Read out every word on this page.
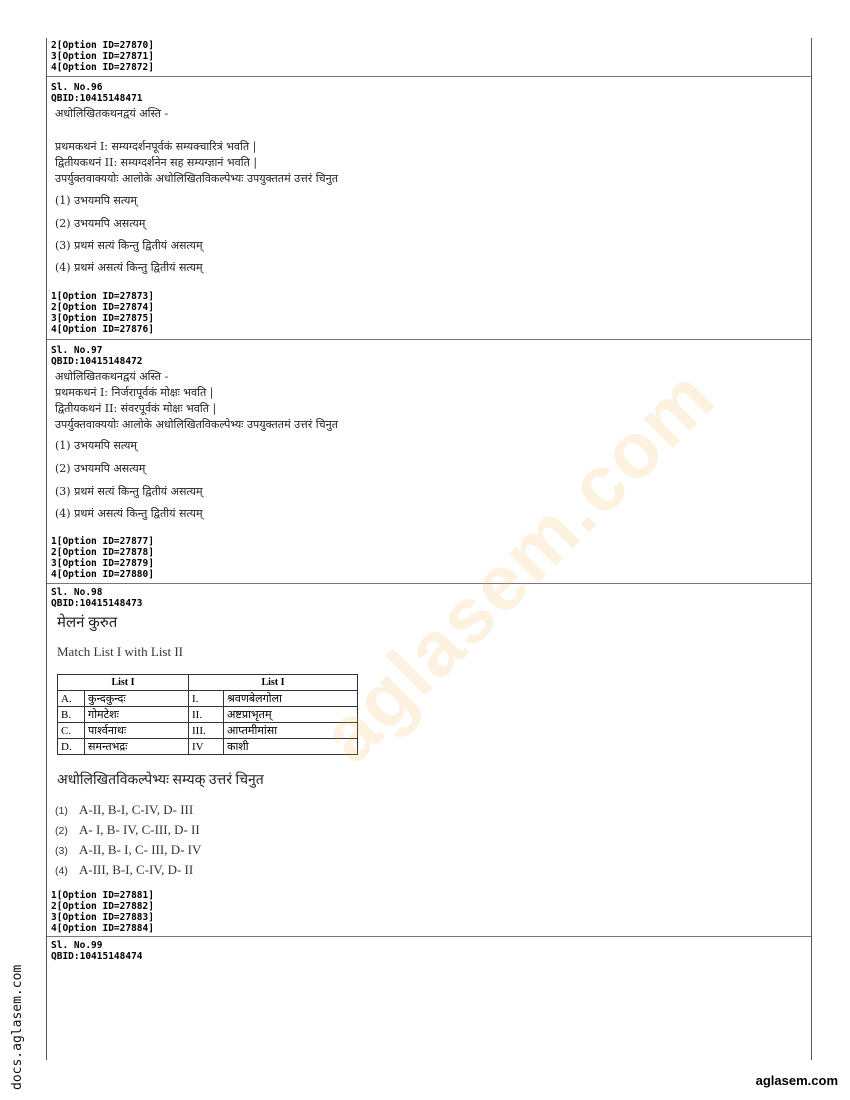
2[Option ID=27870]
3[Option ID=27871]
4[Option ID=27872]
Sl. No.96
QBID:10415148471
अधोलिखितकथनद्वयं अस्ति -
प्रथमकथनं I: सम्यग्दर्शनपूर्वकं सम्यक्चारित्रं भवति |
द्वितीयकथनं II: सम्यग्दर्शनेन सह सम्यग्ज्ञानं भवति |
उपर्युक्तवाक्ययोः आलोके अधोलिखितविकल्पेभ्यः उपयुक्ततमं उत्तरं चिनुत
(1) उभयमपि सत्यम्
(2) उभयमपि असत्यम्
(3) प्रथमं सत्यं किन्तु द्वितीयं असत्यम्
(4) प्रथमं असत्यं किन्तु द्वितीयं सत्यम्
1[Option ID=27873]
2[Option ID=27874]
3[Option ID=27875]
4[Option ID=27876]
Sl. No.97
QBID:10415148472
अधोलिखितकथनद्वयं अस्ति -
प्रथमकथनं I: निर्जरापूर्वकं मोक्षः भवति |
द्वितीयकथनं II: संवरपूर्वकं मोक्षः भवति |
उपर्युक्तवाक्ययोः आलोके अधोलिखितविकल्पेभ्यः उपयुक्ततमं उत्तरं चिनुत
(1) उभयमपि सत्यम्
(2) उभयमपि असत्यम्
(3) प्रथमं सत्यं किन्तु द्वितीयं असत्यम्
(4) प्रथमं असत्यं किन्तु द्वितीयं सत्यम्
1[Option ID=27877]
2[Option ID=27878]
3[Option ID=27879]
4[Option ID=27880]
Sl. No.98
QBID:10415148473
मेलनं कुरुत
Match List I with List II
List I		List I	
A.	कुन्दकुन्दः	I.	श्रवणबेलगोला
B.	गोमटेशः	II.	अष्टप्राभृतम्
C.	पार्श्वनाथः	III.	आप्तमीमांसा
D.	समन्तभद्रः	IV	काशी
अधोलिखितविकल्पेभ्यः सम्यक् उत्तरं चिनुत
(1) A-II, B-I, C-IV, D- III
(2) A- I, B- IV, C-III, D- II
(3) A-II, B- I, C- III, D- IV
(4) A-III, B-I, C-IV, D- II
1[Option ID=27881]
2[Option ID=27882]
3[Option ID=27883]
4[Option ID=27884]
Sl. No.99
QBID:10415148474
aglasem.com
docs.aglasem.com	aglasem.com
